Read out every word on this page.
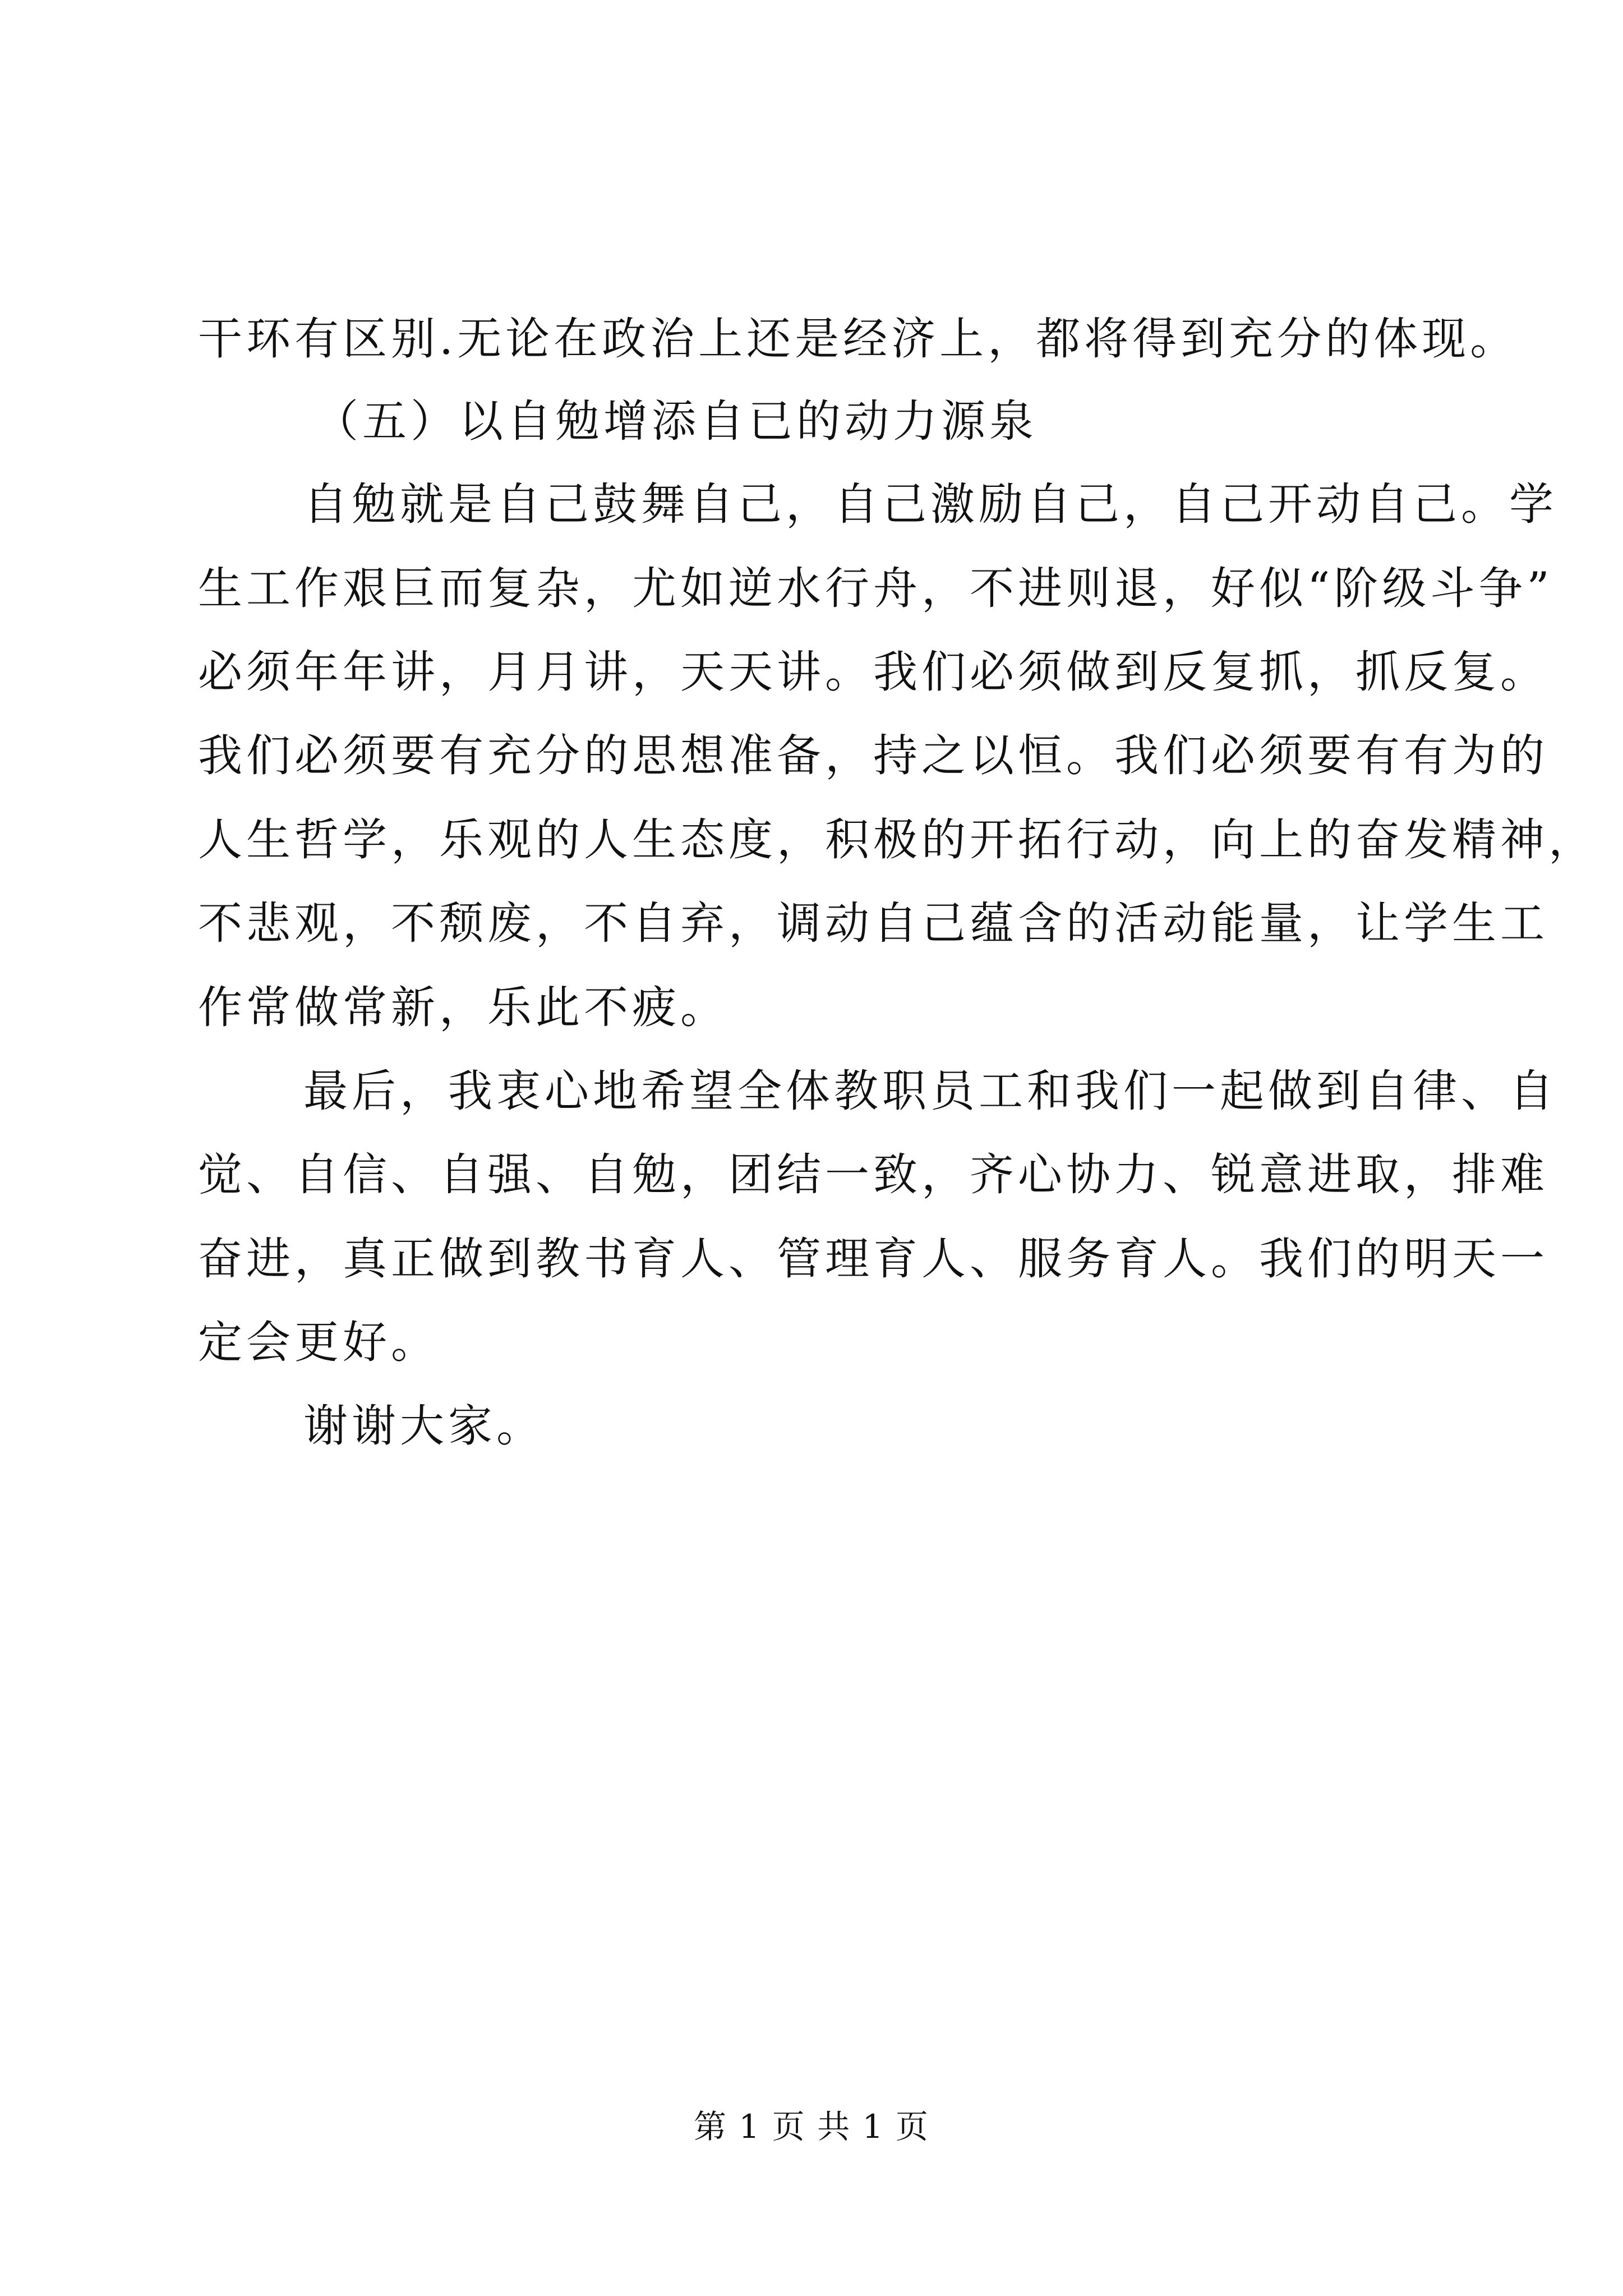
干环有区别.无论在政治上还是经济上，都将得到充分的体现。

（五）以自勉增添自已的动力源泉

自勉就是自己鼓舞自己，自己激励自己，自己开动自己。学

生工作艰巨而复杂，尤如逆水行舟，不进则退，好似“阶级斗争”

必须年年讲，月月讲，天天讲。我们必须做到反复抓，抓反复。

我们必须要有充分的思想准备，持之以恒。我们必须要有有为的

人生哲学，乐观的人生态度，积极的开拓行动，向上的奋发精神，

不悲观，不颓废，不自弃，调动自己蕴含的活动能量，让学生工

作常做常新，乐此不疲。

最后，我衷心地希望全体教职员工和我们一起做到自律、自

觉、自信、自强、自勉，团结一致，齐心协力、锐意进取，排难

奋进，真正做到教书育人、管理育人、服务育人。我们的明天一

定会更好。

谢谢大家。

第 1 页 共 1 页
